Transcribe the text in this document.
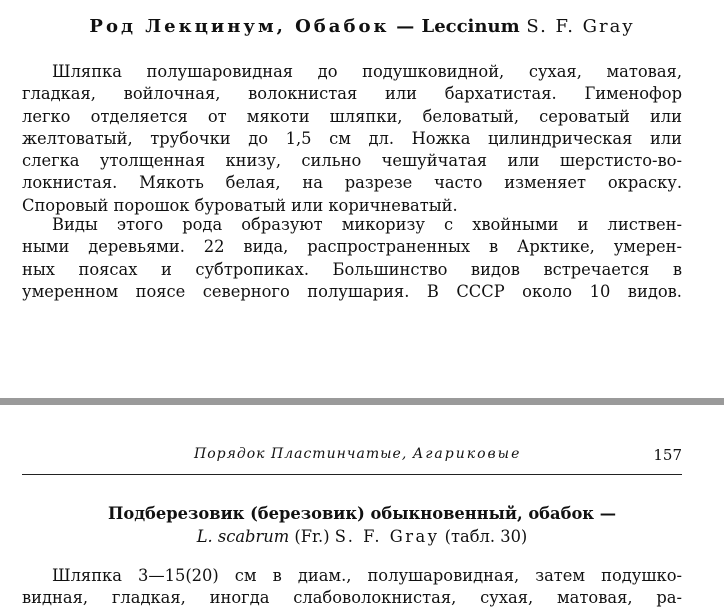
Род Лекцинум, Обабок — Leccinum S. F. Gray
Шляпка полушаровидная до подушковидной, сухая, матовая,
гладкая, войлочная, волокнистая или бархатистая. Гименофор
легко отделяется от мякоти шляпки, беловатый, сероватый или
желтоватый, трубочки до 1,5 см дл. Ножка цилиндрическая или
слегка утолщенная книзу, сильно чешуйчатая или шерстисто-во-
локнистая. Мякоть белая, на разрезе часто изменяет окраску.
Споровый порошок буроватый или коричневатый.
Виды этого рода образуют микоризу с хвойными и листвен-
ными деревьями. 22 вида, распространенных в Арктике, умерен-
ных поясах и субтропиках. Большинство видов встречается в
умеренном поясе северного полушария. В СССР около 10 видов.
Порядок Пластинчатые, Агариковые	157
Подберезовик (березовик) обыкновенный, обабок —
L. scabrum (Fr.) S. F. Gray (табл. 30)
Шляпка 3—15(20) см в диам., полушаровидная, затем подушко-
видная, гладкая, иногда слабоволокнистая, сухая, матовая, ра-
